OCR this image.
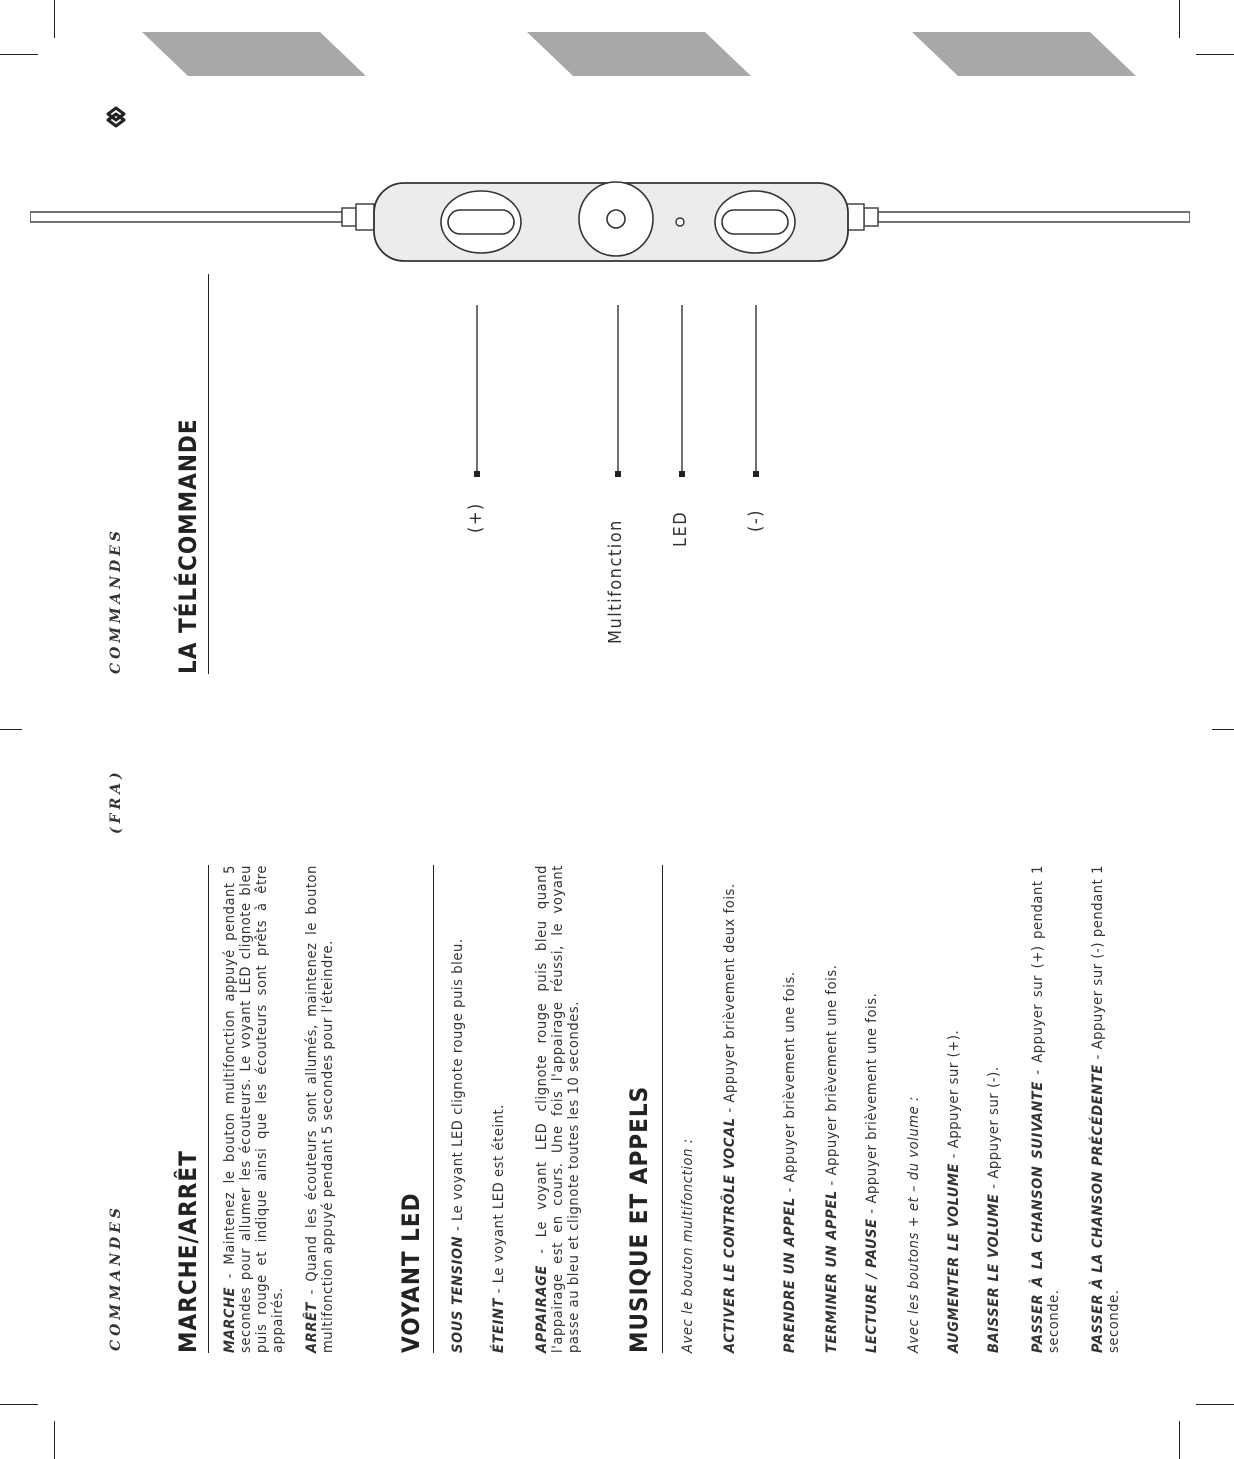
COMMANDES
(FRA)
COMMANDES
MARCHE/ARRÊT MARCHE - Maintenez le bouton multifonction appuyé pendant 5 secondes pour allumer les écouteurs. Le voyant LED clignote bleu puis rouge et indique ainsi que les écouteurs sont prêts à être appairés. ARRÊT - Quand les écouteurs sont allumés, maintenez le bouton multifonction appuyé pendant 5 secondes pour l'éteindre.	VOYANT LED SOUS TENSION - Le voyant LED clignote rouge puis bleu.

ÉTEINT - Le voyant LED est éteint.

APPAIRAGE - Le voyant LED clignote rouge puis bleu quand l'appairage est en cours. Une fois l'appairage réussi, le voyant passe au bleu et clignote toutes les 10 secondes. MUSIQUE ET APPELS Avec le bouton multifonction : ACTIVER LE CONTRÔLE VOCAL - Appuyer brièvement deux fois.

PRENDRE UN APPEL - Appuyer brièvement une fois.

TERMINER UN APPEL - Appuyer brièvement une fois.

LECTURE / PAUSE - Appuyer brièvement une fois. Avec les boutons + et – du volume : AUGMENTER LE VOLUME - Appuyer sur (+).

BAISSER LE VOLUME - Appuyer sur (-). PASSER À LA CHANSON SUIVANTE - Appuyer sur (+) pendant 1 seconde. PASSER À LA CHANSON PRÉCÉDENTE - Appuyer sur (-) pendant 1 seconde.

LA TÉLÉCOMMANDE	(+)
Multifonction LED	(-)
